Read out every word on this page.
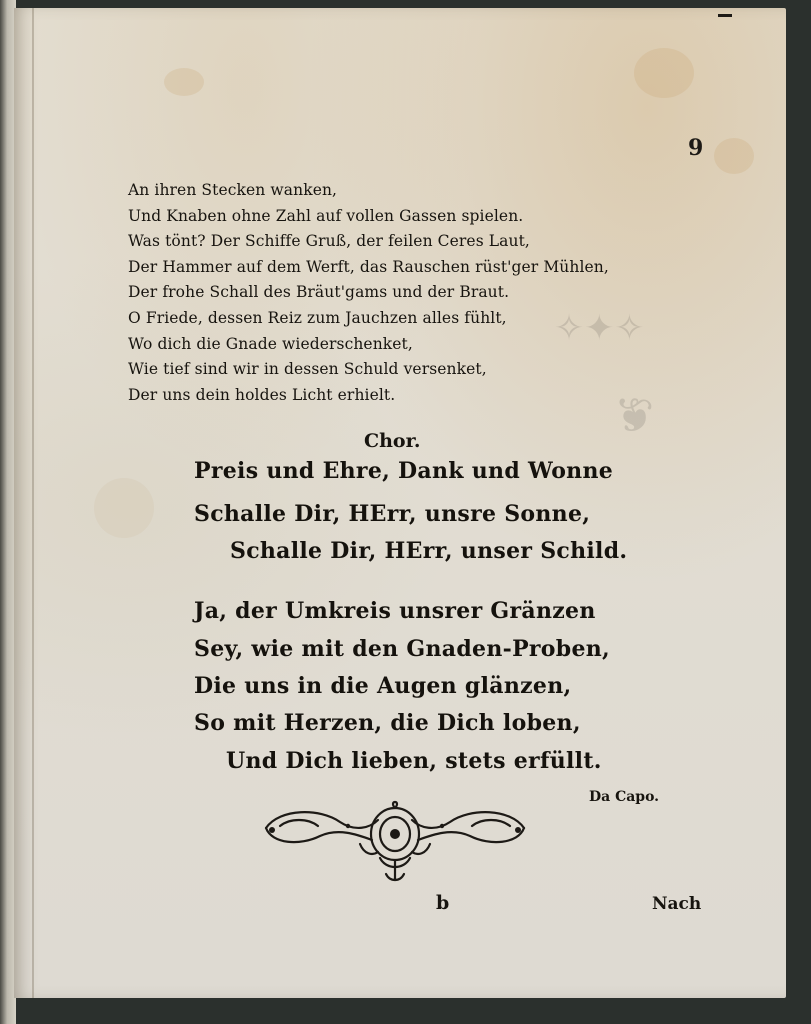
✧✦✧
❦
9
An ihren Stecken wanken,
Und Knaben ohne Zahl auf vollen Gassen spielen.
Was tönt? Der Schiffe Gruß, der feilen Ceres Laut,
Der Hammer auf dem Werft, das Rauschen rüst'ger Mühlen,
Der frohe Schall des Bräut'gams und der Braut.
O Friede, dessen Reiz zum Jauchzen alles fühlt,
Wo dich die Gnade wiederschenket,
Wie tief sind wir in dessen Schuld versenket,
Der uns dein holdes Licht erhielt.
Chor.
Preis und Ehre, Dank und Wonne
Schalle Dir, HErr, unsre Sonne,
Schalle Dir, HErr, unser Schild.
Ja, der Umkreis unsrer Gränzen
Sey, wie mit den Gnaden-Proben,
Die uns in die Augen glänzen,
So mit Herzen, die Dich loben,
Und Dich lieben, stets erfüllt.
Da Capo.
b	Nach
